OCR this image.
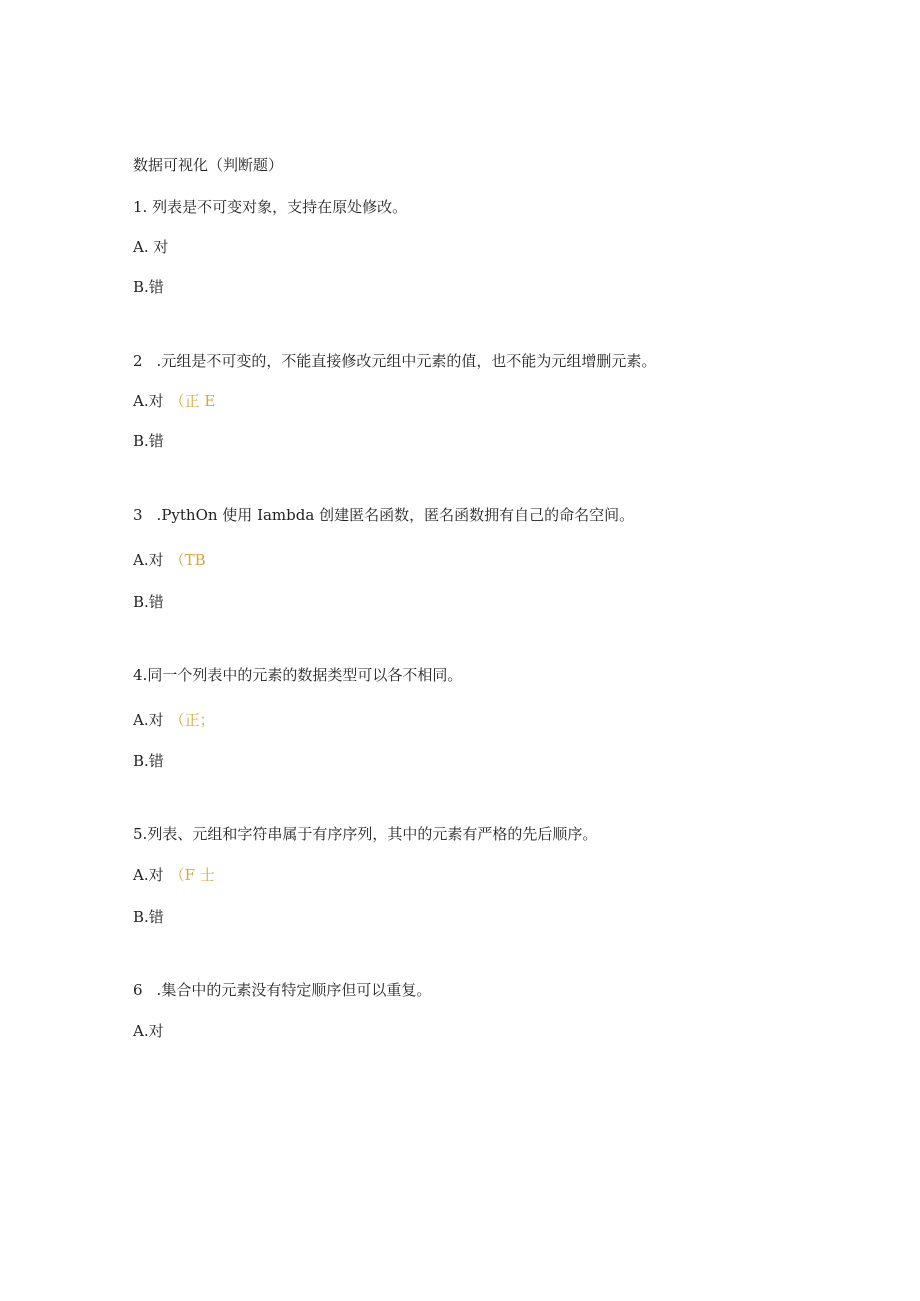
数据可视化（判断题）
1. 列表是不可变对象，支持在原处修改。
A. 对
B.错
2 .元组是不可变的，不能直接修改元组中元素的值，也不能为元组增删元素。
A.对 （正 E
B.错
3 .PythOn 使用 Iambda 创建匿名函数，匿名函数拥有自己的命名空间。
A.对 （TB
B.错
4.同一个列表中的元素的数据类型可以各不相同。
A.对 （正；
B.错
5.列表、元组和字符串属于有序序列，其中的元素有严格的先后顺序。
A.对 （F 士
B.错
6 .集合中的元素没有特定顺序但可以重复。
A.对
